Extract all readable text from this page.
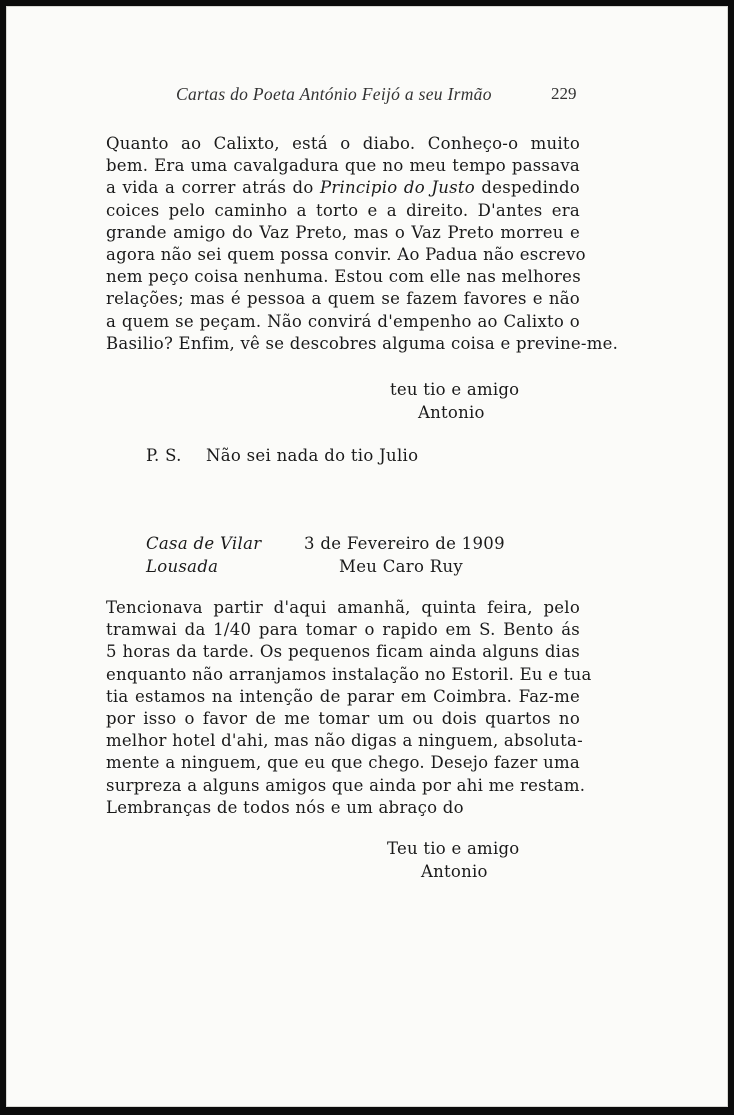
Cartas do Poeta António Feijó a seu Irmão	229
Quanto ao Calixto, está o diabo. Conheço-o muito
bem. Era uma cavalgadura que no meu tempo passava
a vida a correr atrás do Principio do Justo despedindo
coices pelo caminho a torto e a direito. D'antes era
grande amigo do Vaz Preto, mas o Vaz Preto morreu e
agora não sei quem possa convir. Ao Padua não escrevo
nem peço coisa nenhuma. Estou com elle nas melhores
relações; mas é pessoa a quem se fazem favores e não
a quem se peçam. Não convirá d'empenho ao Calixto o
Basilio? Enfim, vê se descobres alguma coisa e previne-me.
teu tio e amigo
Antonio
P. S. Não sei nada do tio Julio
Casa de Vilar
Lousada
3 de Fevereiro de 1909
Meu Caro Ruy
Tencionava partir d'aqui amanhã, quinta feira, pelo
tramwai da 1/40 para tomar o rapido em S. Bento ás
5 horas da tarde. Os pequenos ficam ainda alguns dias
enquanto não arranjamos instalação no Estoril. Eu e tua
tia estamos na intenção de parar em Coimbra. Faz-me
por isso o favor de me tomar um ou dois quartos no
melhor hotel d'ahi, mas não digas a ninguem, absoluta-
mente a ninguem, que eu que chego. Desejo fazer uma
surpreza a alguns amigos que ainda por ahi me restam.
Lembranças de todos nós e um abraço do
Teu tio e amigo
Antonio
